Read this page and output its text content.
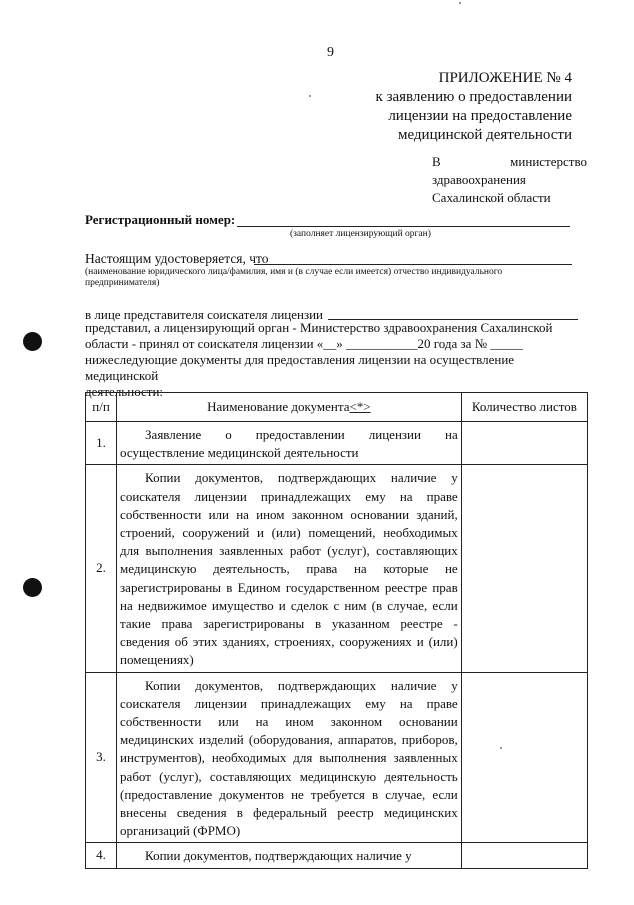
9
ПРИЛОЖЕНИЕ № 4
к заявлению о предоставлении
лицензии на предоставление
медицинской деятельности
В	министерство
здравоохранения
Сахалинской области
Регистрационный номер:
(заполняет лицензирующий орган)
Настоящим удостоверяется, что
(наименование юридического лица/фамилия, имя и (в случае если имеется) отчество индивидуального предпринимателя)
в лице представителя соискателя лицензии
представил, а лицензирующий орган - Министерство здравоохранения Сахалинской
области - принял от соискателя лицензии «__» ___________20 года за № _____
нижеследующие документы для предоставления лицензии на осуществление медицинской
деятельности:
п/п	Наименование документа<*>	Количество листов
1.	Заявление о предоставлении лицензии на осуществление медицинской деятельности	

2.	Копии документов, подтверждающих наличие у соискателя лицензии принадлежащих ему на праве собственности или на ином законном основании зданий, строений, сооружений и (или) помещений, необходимых для выполнения заявленных работ (услуг), составляющих медицинскую деятельность, права на которые не зарегистрированы в Едином государственном реестре прав на недвижимое имущество и сделок с ним (в случае, если такие права зарегистрированы в указанном реестре - сведения об этих зданиях, строениях, сооружениях и (или) помещениях)	

3.	Копии документов, подтверждающих наличие у соискателя лицензии принадлежащих ему на праве собственности или на ином законном основании медицинских изделий (оборудования, аппаратов, приборов, инструментов), необходимых для выполнения заявленных работ (услуг), составляющих медицинскую деятельность (предоставление документов не требуется в случае, если внесены сведения в федеральный реестр медицинских организаций (ФРМО)	

4.	Копии документов, подтверждающих наличие у	
